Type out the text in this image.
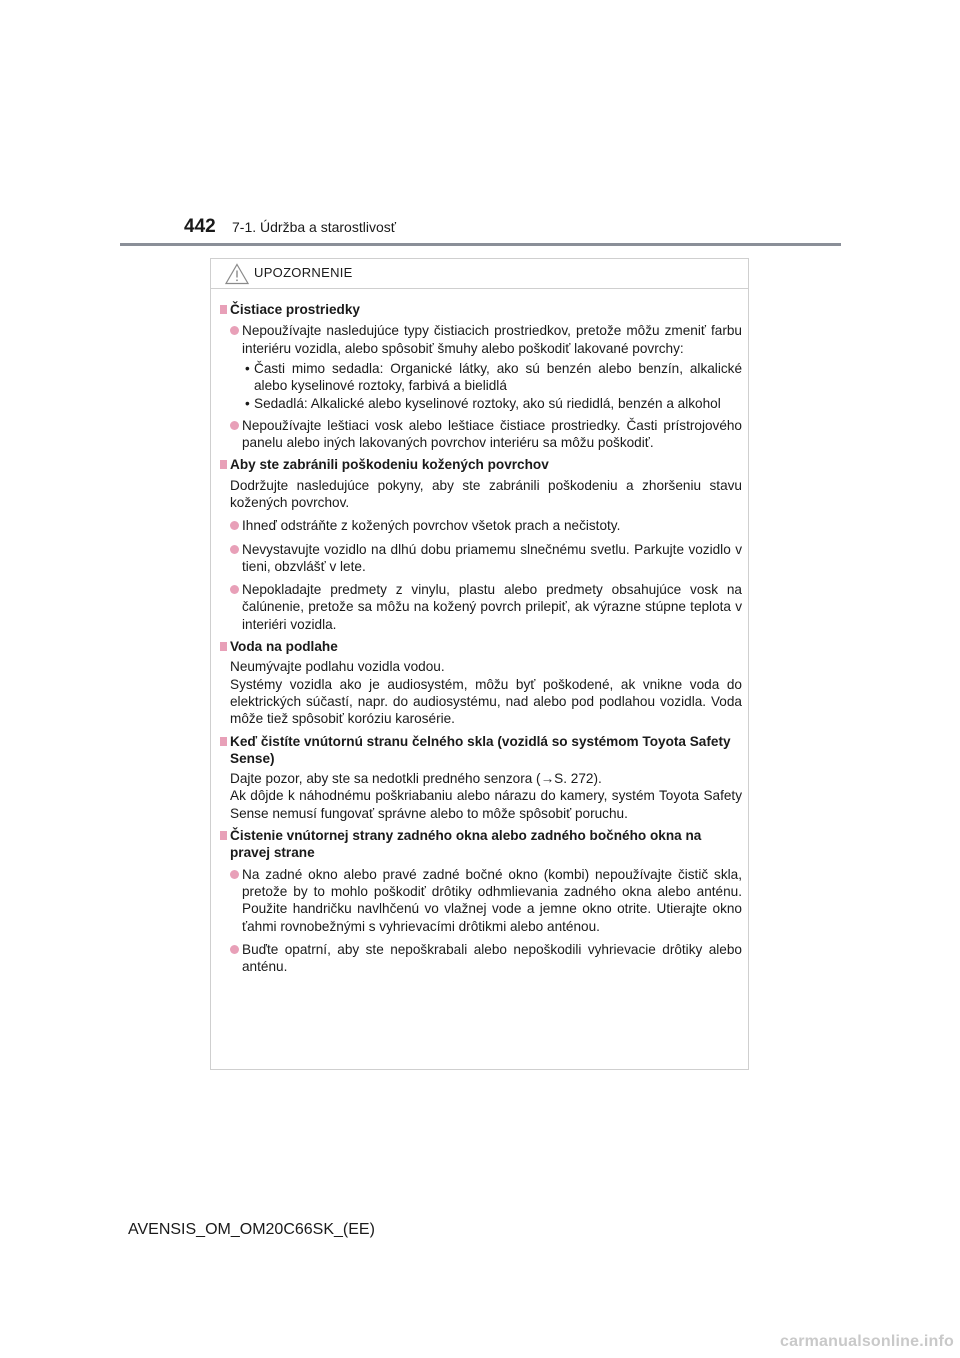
442 7-1. Údržba a starostlivosť
UPOZORNENIE
Čistiace prostriedky
Nepoužívajte nasledujúce typy čistiacich prostriedkov, pretože môžu zmeniť farbu interiéru vozidla, alebo spôsobiť šmuhy alebo poškodiť lakované povrchy:
• Časti mimo sedadla: Organické látky, ako sú benzén alebo benzín, alkalické alebo kyselinové roztoky, farbivá a bielidlá
• Sedadlá: Alkalické alebo kyselinové roztoky, ako sú riedidlá, benzén a alkohol
Nepoužívajte leštiaci vosk alebo leštiace čistiace prostriedky. Časti prístrojového panelu alebo iných lakovaných povrchov interiéru sa môžu poškodiť.
Aby ste zabránili poškodeniu kožených povrchov
Dodržujte nasledujúce pokyny, aby ste zabránili poškodeniu a zhoršeniu stavu kožených povrchov.
Ihneď odstráňte z kožených povrchov všetok prach a nečistoty.
Nevystavujte vozidlo na dlhú dobu priamemu slnečnému svetlu. Parkujte vozidlo v tieni, obzvlášť v lete.
Nepokladajte predmety z vinylu, plastu alebo predmety obsahujúce vosk na čalúnenie, pretože sa môžu na kožený povrch prilepiť, ak výrazne stúpne teplota v interiéri vozidla.
Voda na podlahe
Neumývajte podlahu vozidla vodou.
Systémy vozidla ako je audiosystém, môžu byť poškodené, ak vnikne voda do elektrických súčastí, napr. do audiosystému, nad alebo pod podlahou vozidla. Voda môže tiež spôsobiť koróziu karosérie.
Keď čistíte vnútornú stranu čelného skla (vozidlá so systémom Toyota Safety Sense)
Dajte pozor, aby ste sa nedotkli predného senzora (→S. 272).
Ak dôjde k náhodnému poškriabaniu alebo nárazu do kamery, systém Toyota Safety Sense nemusí fungovať správne alebo to môže spôsobiť poruchu.
Čistenie vnútornej strany zadného okna alebo zadného bočného okna na pravej strane
Na zadné okno alebo pravé zadné bočné okno (kombi) nepoužívajte čistič skla, pretože by to mohlo poškodiť drôtiky odhmlievania zadného okna alebo anténu. Použite handričku navlhčenú vo vlažnej vode a jemne okno otrite. Utierajte okno ťahmi rovnobežnými s vyhrievacími drôtikmi alebo anténou.
Buďte opatrní, aby ste nepoškrabali alebo nepoškodili vyhrievacie drôtiky alebo anténu.
AVENSIS_OM_OM20C66SK_(EE)
carmanualsonline.info
